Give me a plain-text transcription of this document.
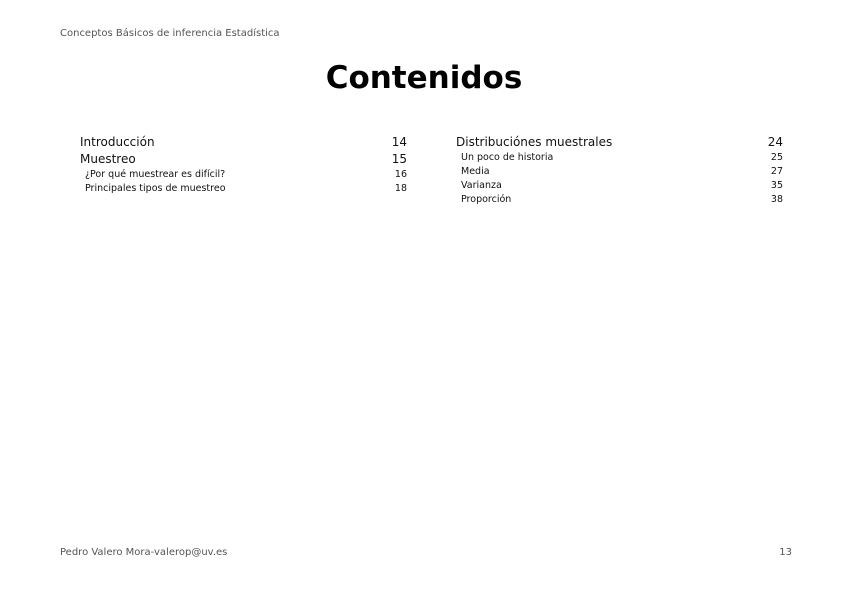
Conceptos Básicos de inferencia Estadística
Contenidos
Introducción	14
Muestreo	15
¿Por qué muestrear es difícil?	16
Principales tipos de muestreo	18
Distribuciónes muestrales	24
Un poco de historia	25
Media	27
Varianza	35
Proporción	38
Pedro Valero Mora-valerop@uv.es	13
